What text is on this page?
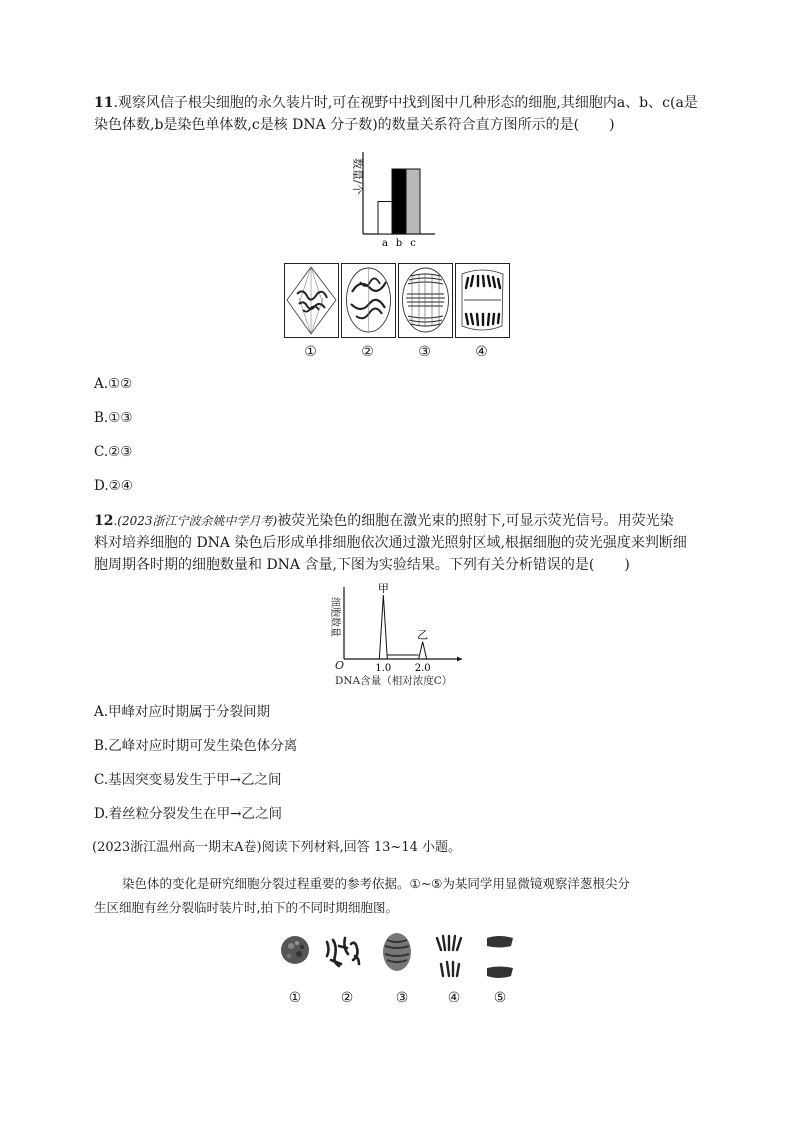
11.观察风信子根尖细胞的永久装片时,可在视野中找到图中几种形态的细胞,其细胞内a、b、c(a是
染色体数,b是染色单体数,c是核 DNA 分子数)的数量关系符合直方图所示的是( )
数量/个
a b c
①	②	③	④
A.①②
B.①③
C.②③
D.②④
12.(2023浙江宁波余姚中学月考)被荧光染色的细胞在激光束的照射下,可显示荧光信号。用荧光染
料对培养细胞的 DNA 染色后形成单排细胞依次通过激光照射区域,根据细胞的荧光强度来判断细
胞周期各时期的细胞数量和 DNA 含量,下图为实验结果。下列有关分析错误的是( )
细胞数量
甲
乙
1.0 2.0
O
DNA含量（相对浓度C）
A.甲峰对应时期属于分裂间期
B.乙峰对应时期可发生染色体分离
C.基因突变易发生于甲→乙之间
D.着丝粒分裂发生在甲→乙之间
(2023浙江温州高一期末A卷)阅读下列材料,回答 13~14 小题。
染色体的变化是研究细胞分裂过程重要的参考依据。①~⑤为某同学用显微镜观察洋葱根尖分
生区细胞有丝分裂临时装片时,拍下的不同时期细胞图。
①	②	③	④	⑤
